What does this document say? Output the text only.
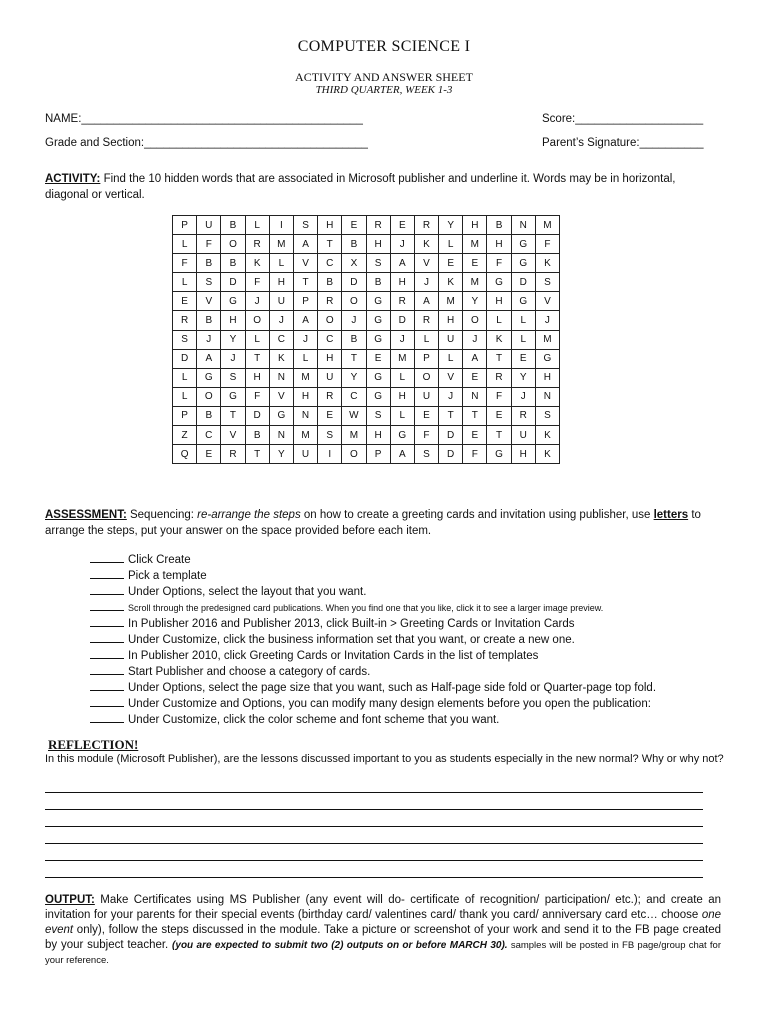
COMPUTER SCIENCE I
ACTIVITY AND ANSWER SHEET
THIRD QUARTER, WEEK 1-3
NAME:____________________________________________	Score:____________________
Grade and Section:___________________________________	Parent’s Signature:__________
ACTIVITY: Find the 10 hidden words that are associated in Microsoft publisher and underline it. Words may be in horizontal, diagonal or vertical.
P	U	B	L	I	S	H	E	R	E	R	Y	H	B	N	M
L	F	O	R	M	A	T	B	H	J	K	L	M	H	G	F
F	B	B	K	L	V	C	X	S	A	V	E	E	F	G	K
L	S	D	F	H	T	B	D	B	H	J	K	M	G	D	S
E	V	G	J	U	P	R	O	G	R	A	M	Y	H	G	V
R	B	H	O	J	A	O	J	G	D	R	H	O	L	L	J
S	J	Y	L	C	J	C	B	G	J	L	U	J	K	L	M
D	A	J	T	K	L	H	T	E	M	P	L	A	T	E	G
L	G	S	H	N	M	U	Y	G	L	O	V	E	R	Y	H
L	O	G	F	V	H	R	C	G	H	U	J	N	F	J	N
P	B	T	D	G	N	E	W	S	L	E	T	T	E	R	S
Z	C	V	B	N	M	S	M	H	G	F	D	E	T	U	K
Q	E	R	T	Y	U	I	O	P	A	S	D	F	G	H	K
ASSESSMENT: Sequencing: re-arrange the steps on how to create a greeting cards and invitation using publisher, use letters to arrange the steps, put your answer on the space provided before each item.
Click Create
Pick a template
Under Options, select the layout that you want.
Scroll through the predesigned card publications. When you find one that you like, click it to see a larger image preview.
In Publisher 2016 and Publisher 2013, click Built-in > Greeting Cards or Invitation Cards
Under Customize, click the business information set that you want, or create a new one.
In Publisher 2010, click Greeting Cards or Invitation Cards in the list of templates
Start Publisher and choose a category of cards.
Under Options, select the page size that you want, such as Half-page side fold or Quarter-page top fold.
Under Customize and Options, you can modify many design elements before you open the publication:
Under Customize, click the color scheme and font scheme that you want.
REFLECTION!
In this module (Microsoft Publisher), are the lessons discussed important to you as students especially in the new normal? Why or why not?
OUTPUT: Make Certificates using MS Publisher (any event will do- certificate of recognition/ participation/ etc.); and create an invitation for your parents for their special events (birthday card/ valentines card/ thank you card/ anniversary card etc… choose one event only), follow the steps discussed in the module. Take a picture or screenshot of your work and send it to the FB page created by your subject teacher. (you are expected to submit two (2) outputs on or before MARCH 30). samples will be posted in FB page/group chat for your reference.
